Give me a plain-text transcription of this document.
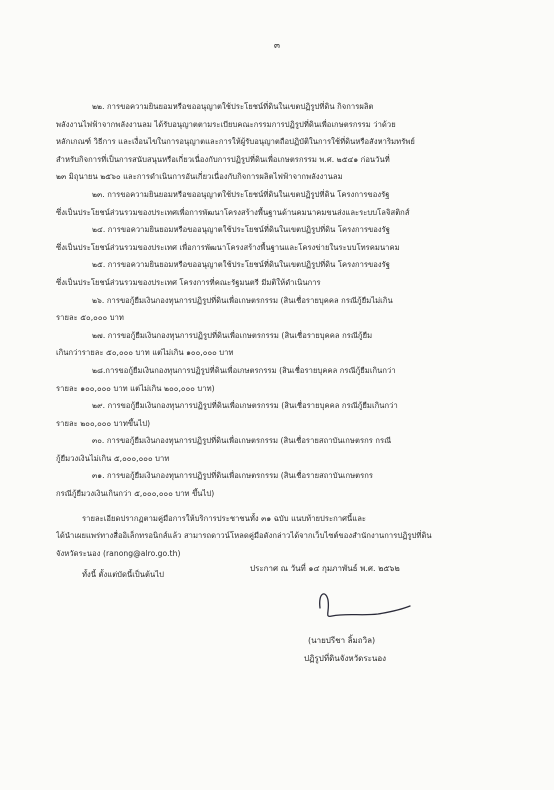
๓
๒๒. การขอความยินยอมหรือขออนุญาตใช้ประโยชน์ที่ดินในเขตปฏิรูปที่ดิน กิจการผลิต
พลังงานไฟฟ้าจากพลังงานลม ได้รับอนุญาตตามระเบียบคณะกรรมการปฏิรูปที่ดินเพื่อเกษตรกรรม ว่าด้วย
หลักเกณฑ์ วิธีการ และเงื่อนไขในการอนุญาตและการให้ผู้รับอนุญาตถือปฏิบัติในการใช้ที่ดินหรือสังหาริมทรัพย์
สำหรับกิจการที่เป็นการสนับสนุนหรือเกี่ยวเนื่องกับการปฏิรูปที่ดินเพื่อเกษตรกรรม พ.ศ. ๒๕๔๑ ก่อนวันที่
๒๓ มิถุนายน ๒๕๖๐ และการดำเนินการอันเกี่ยวเนื่องกับกิจการผลิตไฟฟ้าจากพลังงานลม
๒๓. การขอความยินยอมหรือขออนุญาตใช้ประโยชน์ที่ดินในเขตปฏิรูปที่ดิน โครงการของรัฐ
ซึ่งเป็นประโยชน์ส่วนรวมของประเทศเพื่อการพัฒนาโครงสร้างพื้นฐานด้านคมนาคมขนส่งและระบบโลจิสติกส์
๒๔. การขอความยินยอมหรือขออนุญาตใช้ประโยชน์ที่ดินในเขตปฏิรูปที่ดิน โครงการของรัฐ
ซึ่งเป็นประโยชน์ส่วนรวมของประเทศ เพื่อการพัฒนาโครงสร้างพื้นฐานและโครงข่ายในระบบโทรคมนาคม
๒๕. การขอความยินยอมหรือขออนุญาตใช้ประโยชน์ที่ดินในเขตปฏิรูปที่ดิน โครงการของรัฐ
ซึ่งเป็นประโยชน์ส่วนรวมของประเทศ โครงการที่คณะรัฐมนตรี มีมติให้ดำเนินการ
๒๖. การขอกู้ยืมเงินกองทุนการปฏิรูปที่ดินเพื่อเกษตรกรรม (สินเชื่อรายบุคคล กรณีกู้ยืมไม่เกิน
รายละ ๕๐,๐๐๐ บาท
๒๗. การขอกู้ยืมเงินกองทุนการปฏิรูปที่ดินเพื่อเกษตรกรรม (สินเชื่อรายบุคคล กรณีกู้ยืม
เกินกว่ารายละ ๕๐,๐๐๐ บาท แต่ไม่เกิน ๑๐๐,๐๐๐ บาท
๒๘.การขอกู้ยืมเงินกองทุนการปฏิรูปที่ดินเพื่อเกษตรกรรม (สินเชื่อรายบุคคล กรณีกู้ยืมเกินกว่า
รายละ ๑๐๐,๐๐๐ บาท แต่ไม่เกิน ๒๐๐,๐๐๐ บาท)
๒๙. การขอกู้ยืมเงินกองทุนการปฏิรูปที่ดินเพื่อเกษตรกรรม (สินเชื่อรายบุคคล กรณีกู้ยืมเกินกว่า
รายละ ๒๐๐,๐๐๐ บาทขึ้นไป)
๓๐. การขอกู้ยืมเงินกองทุนการปฏิรูปที่ดินเพื่อเกษตรกรรม (สินเชื่อรายสถาบันเกษตรกร กรณี
กู้ยืมวงเงินไม่เกิน ๕,๐๐๐,๐๐๐ บาท
๓๑. การขอกู้ยืมเงินกองทุนการปฏิรูปที่ดินเพื่อเกษตรกรรม (สินเชื่อรายสถาบันเกษตรกร
กรณีกู้ยืมวงเงินเกินกว่า ๕,๐๐๐,๐๐๐ บาท ขึ้นไป)
รายละเอียดปรากฏตามคู่มือการให้บริการประชาชนทั้ง ๓๑ ฉบับ แนบท้ายประกาศนี้และ
ได้นำเผยแพร่ทางสื่ออิเล็กทรอนิกส์แล้ว สามารถดาวน์โหลดคู่มือดังกล่าวได้จากเว็บไซต์ของสำนักงานการปฏิรูปที่ดิน
จังหวัดระนอง (ranong@alro.go.th)
ทั้งนี้ ตั้งแต่บัดนี้เป็นต้นไป
ประกาศ ณ วันที่ ๑๔ กุมภาพันธ์ พ.ศ. ๒๕๖๒
(นายปรีชา ลิ้มถวิล)
ปฏิรูปที่ดินจังหวัดระนอง
